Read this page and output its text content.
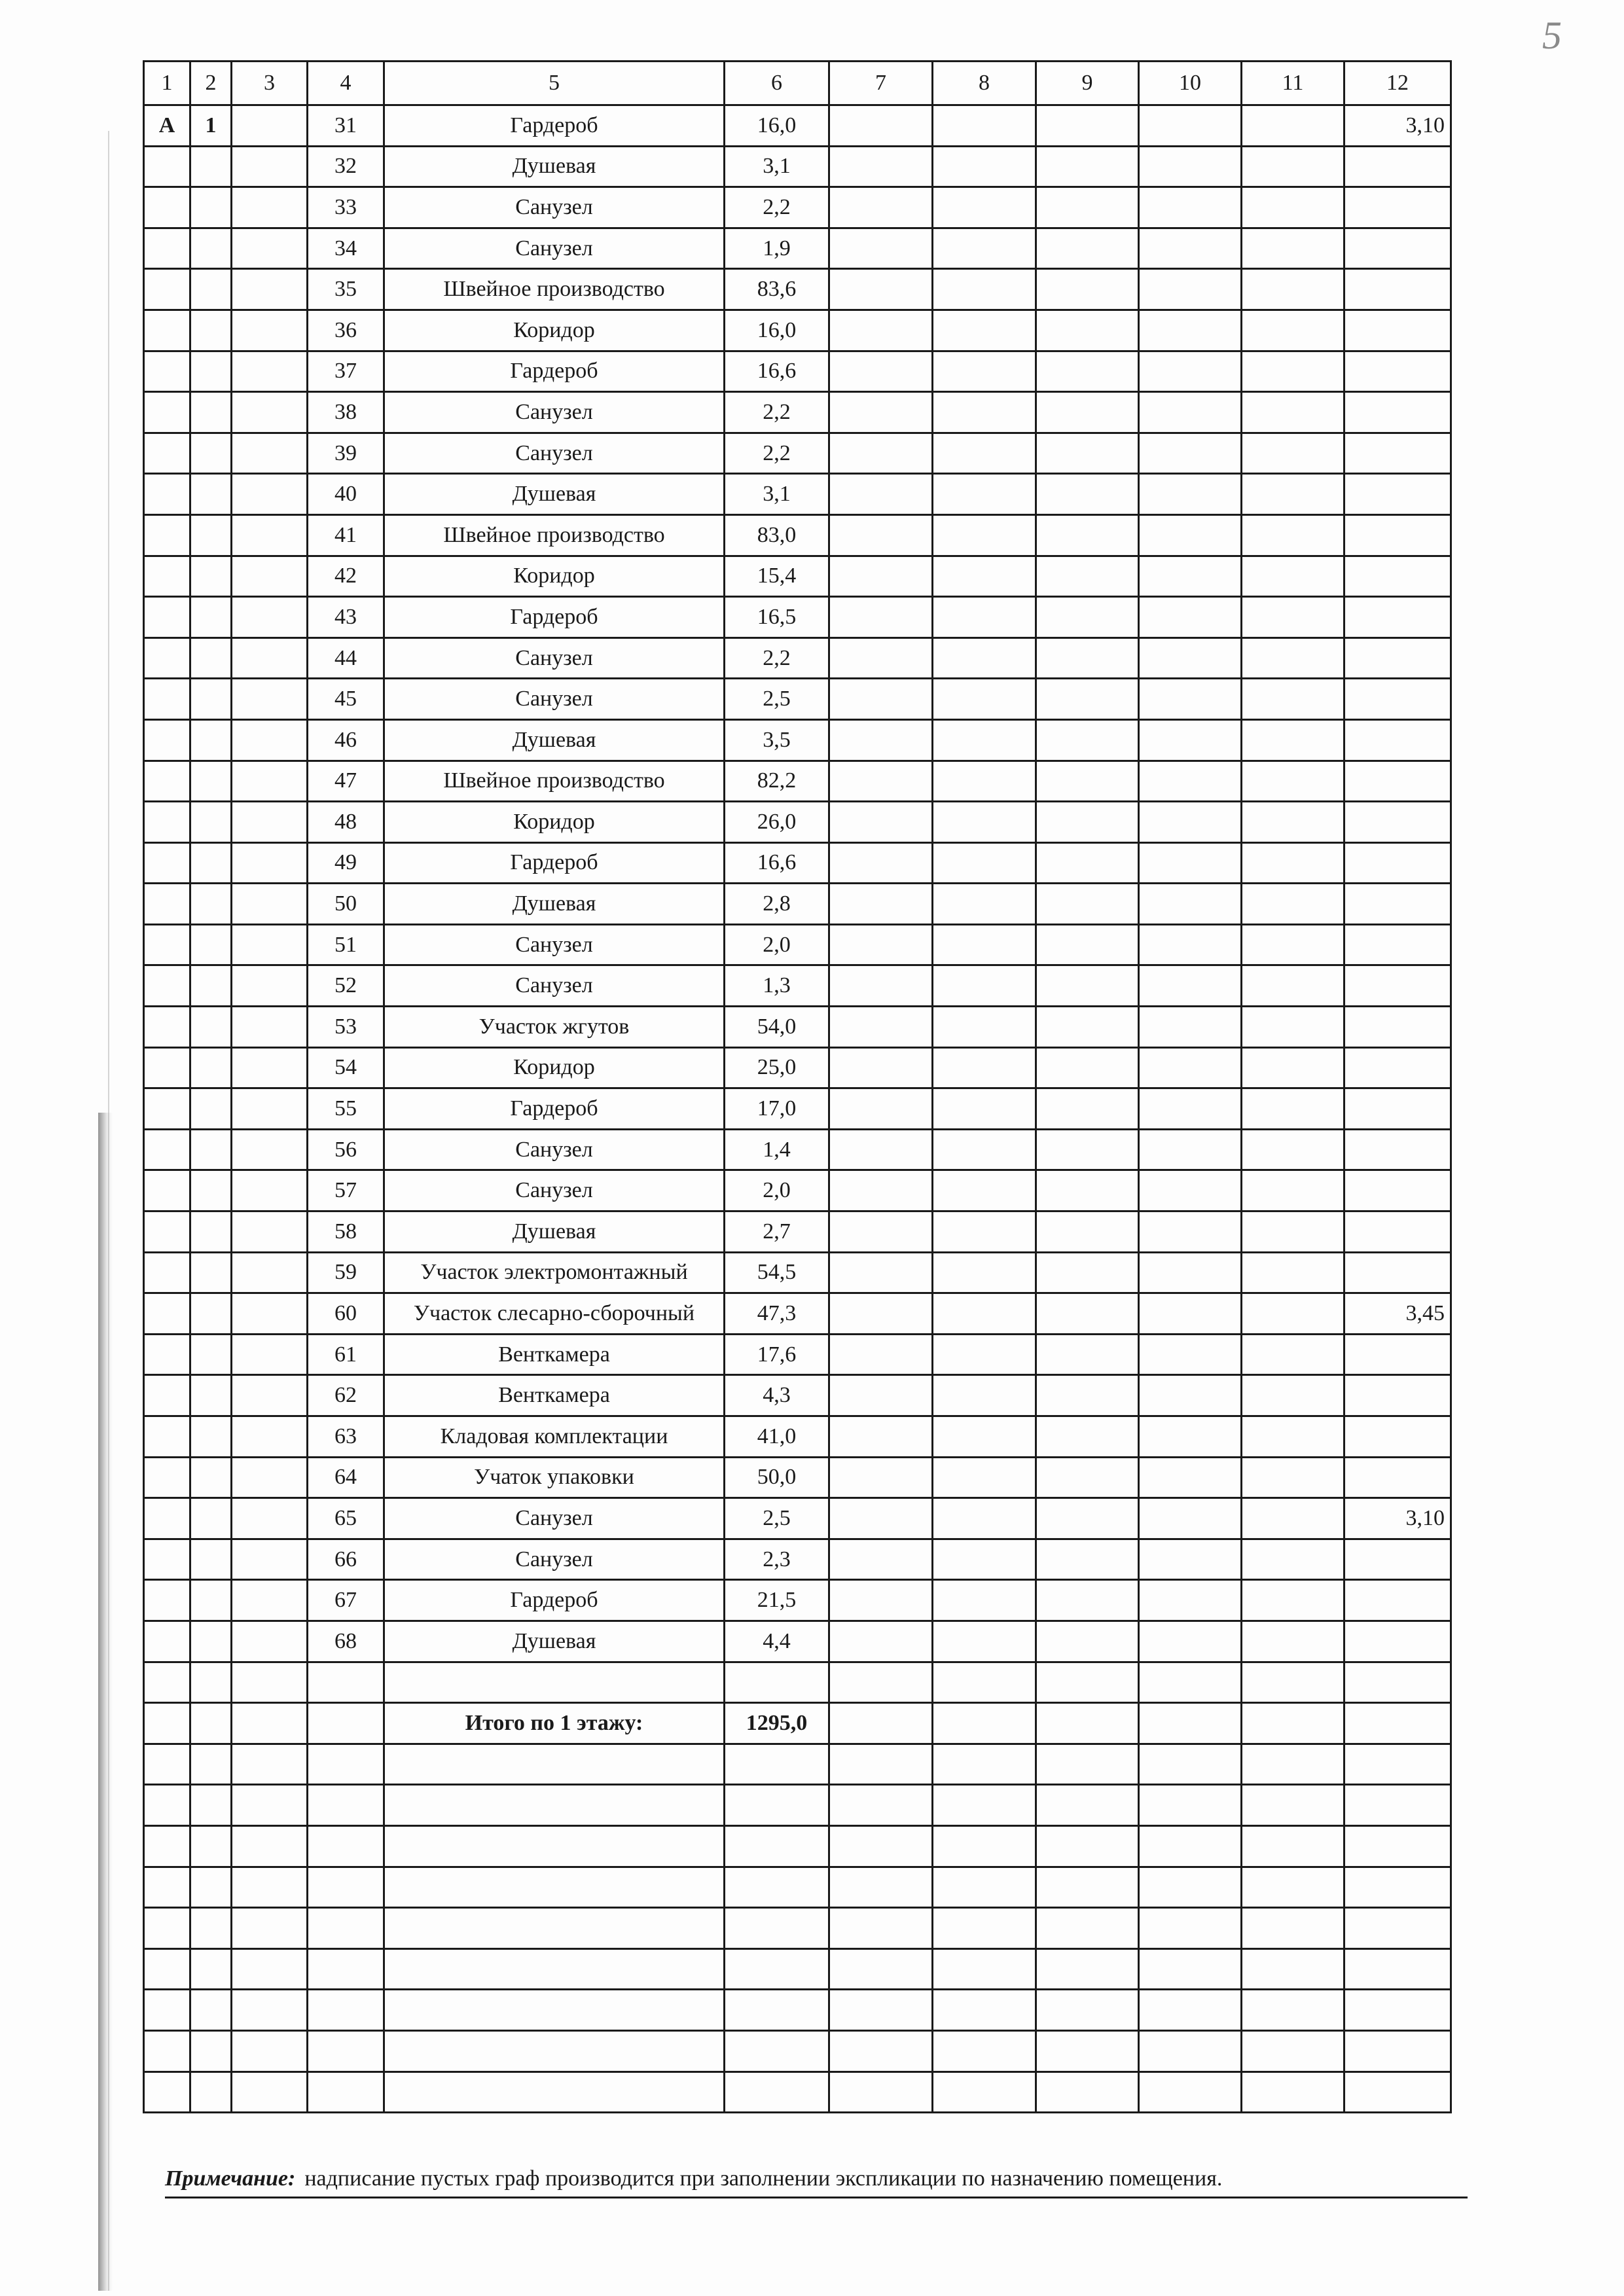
5
1	2	3	4	5	6	7	8	9	10	11	12
А	1		31	Гардероб	16,0						3,10
			32	Душевая	3,1						
			33	Санузел	2,2						
			34	Санузел	1,9						
			35	Швейное производство	83,6						
			36	Коридор	16,0						
			37	Гардероб	16,6						
			38	Санузел	2,2						
			39	Санузел	2,2						
			40	Душевая	3,1						
			41	Швейное производство	83,0						
			42	Коридор	15,4						
			43	Гардероб	16,5						
			44	Санузел	2,2						
			45	Санузел	2,5						
			46	Душевая	3,5						
			47	Швейное производство	82,2						
			48	Коридор	26,0						
			49	Гардероб	16,6						
			50	Душевая	2,8						
			51	Санузел	2,0						
			52	Санузел	1,3						
			53	Участок жгутов	54,0						
			54	Коридор	25,0						
			55	Гардероб	17,0						
			56	Санузел	1,4						
			57	Санузел	2,0						
			58	Душевая	2,7						
			59	Участок электромонтажный	54,5						
			60	Участок слесарно-сборочный	47,3						3,45
			61	Венткамера	17,6						
			62	Венткамера	4,3						
			63	Кладовая комплектации	41,0						
			64	Учаток упаковки	50,0						
			65	Санузел	2,5						3,10
			66	Санузел	2,3						
			67	Гардероб	21,5						
			68	Душевая	4,4						

				Итого по 1 этажу:	1295,0						

Примечание: надписание пустых граф производится при заполнении экспликации по назначению помещения.
